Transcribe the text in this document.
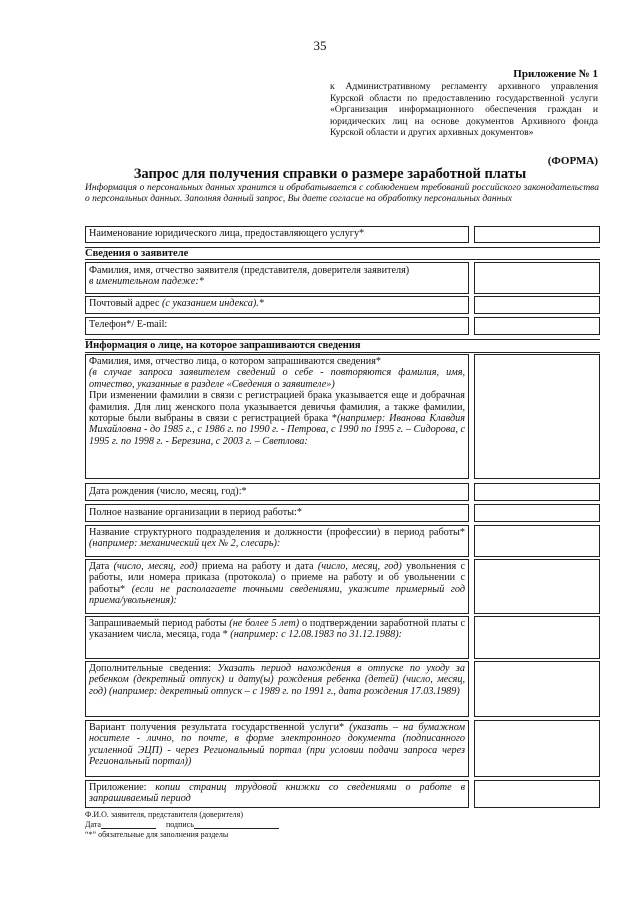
35
Приложение № 1
к Административному регламенту архивного управления Курской области по предоставлению государственной услуги «Организация информационного обеспечения граждан и юридических лиц на основе документов Архивного фонда Курской области и других архивных документов»
(ФОРМА)
Запрос для получения справки о размере заработной платы
Информация о персональных данных хранится и обрабатывается с соблюдением требований российского законодательства о персональных данных. Заполняя данный запрос, Вы даете согласие на обработку персональных данных
Наименование юридического лица, предоставляющего услугу*
Сведения о заявителе
Фамилия, имя, отчество заявителя (представителя, доверителя заявителя)
в именительном падеже:*
Почтовый адрес (с указанием индекса).*
Телефон*/ E-mail:
Информация о лице, на которое запрашиваются сведения
Фамилия, имя, отчество лица, о котором запрашиваются сведения*
(в случае запроса заявителем сведений о себе - повторяются фамилия, имя, отчество, указанные в разделе «Сведения о заявителе»)
При изменении фамилии в связи с регистрацией брака указывается еще и добрачная фамилия. Для лиц женского пола указывается девичья фамилия, а также фамилии, которые были выбраны в связи с регистрацией брака *(например: Иванова Клавдия Михайловна - до 1985 г., с 1986 г. по 1990 г. - Петрова, с 1990 по 1995 г. – Сидорова, с 1995 г. по 1998 г. - Березина, с 2003 г. – Светлова:
Дата рождения (число, месяц, год):*
Полное название организации в период работы:*
Название структурного подразделения и должности (профессии) в период работы* (например: механический цех № 2, слесарь):
Дата (число, месяц, год) приема на работу и дата (число, месяц, год) увольнения с работы, или номера приказа (протокола) о приеме на работу и об увольнении с работы* (если не располагаете точными сведениями, укажите примерный год приема/увольнения):
Запрашиваемый период работы (не более 5 лет) о подтверждении заработной платы с указанием числа, месяца, года * (например: с 12.08.1983 по 31.12.1988):
Дополнительные сведения: Указать период нахождения в отпуске по уходу за ребенком (декретный отпуск) и дату(ы) рождения ребенка (детей) (число, месяц, год) (например: декретный отпуск – с 1989 г. по 1991 г., дата рождения 17.03.1989)
Вариант получения результата государственной услуги* (указать – на бумажном носителе - лично, по почте, в форме электронного документа (подписанного усиленной ЭЦП) - через Региональный портал (при условии подачи запроса через Региональный портал))
Приложение: копии страниц трудовой книжки со сведениями о работе в запрашиваемый период
Ф.И.О. заявителя, представителя (доверителя)
Дата	подпись
“*” обязательные для заполнения разделы
